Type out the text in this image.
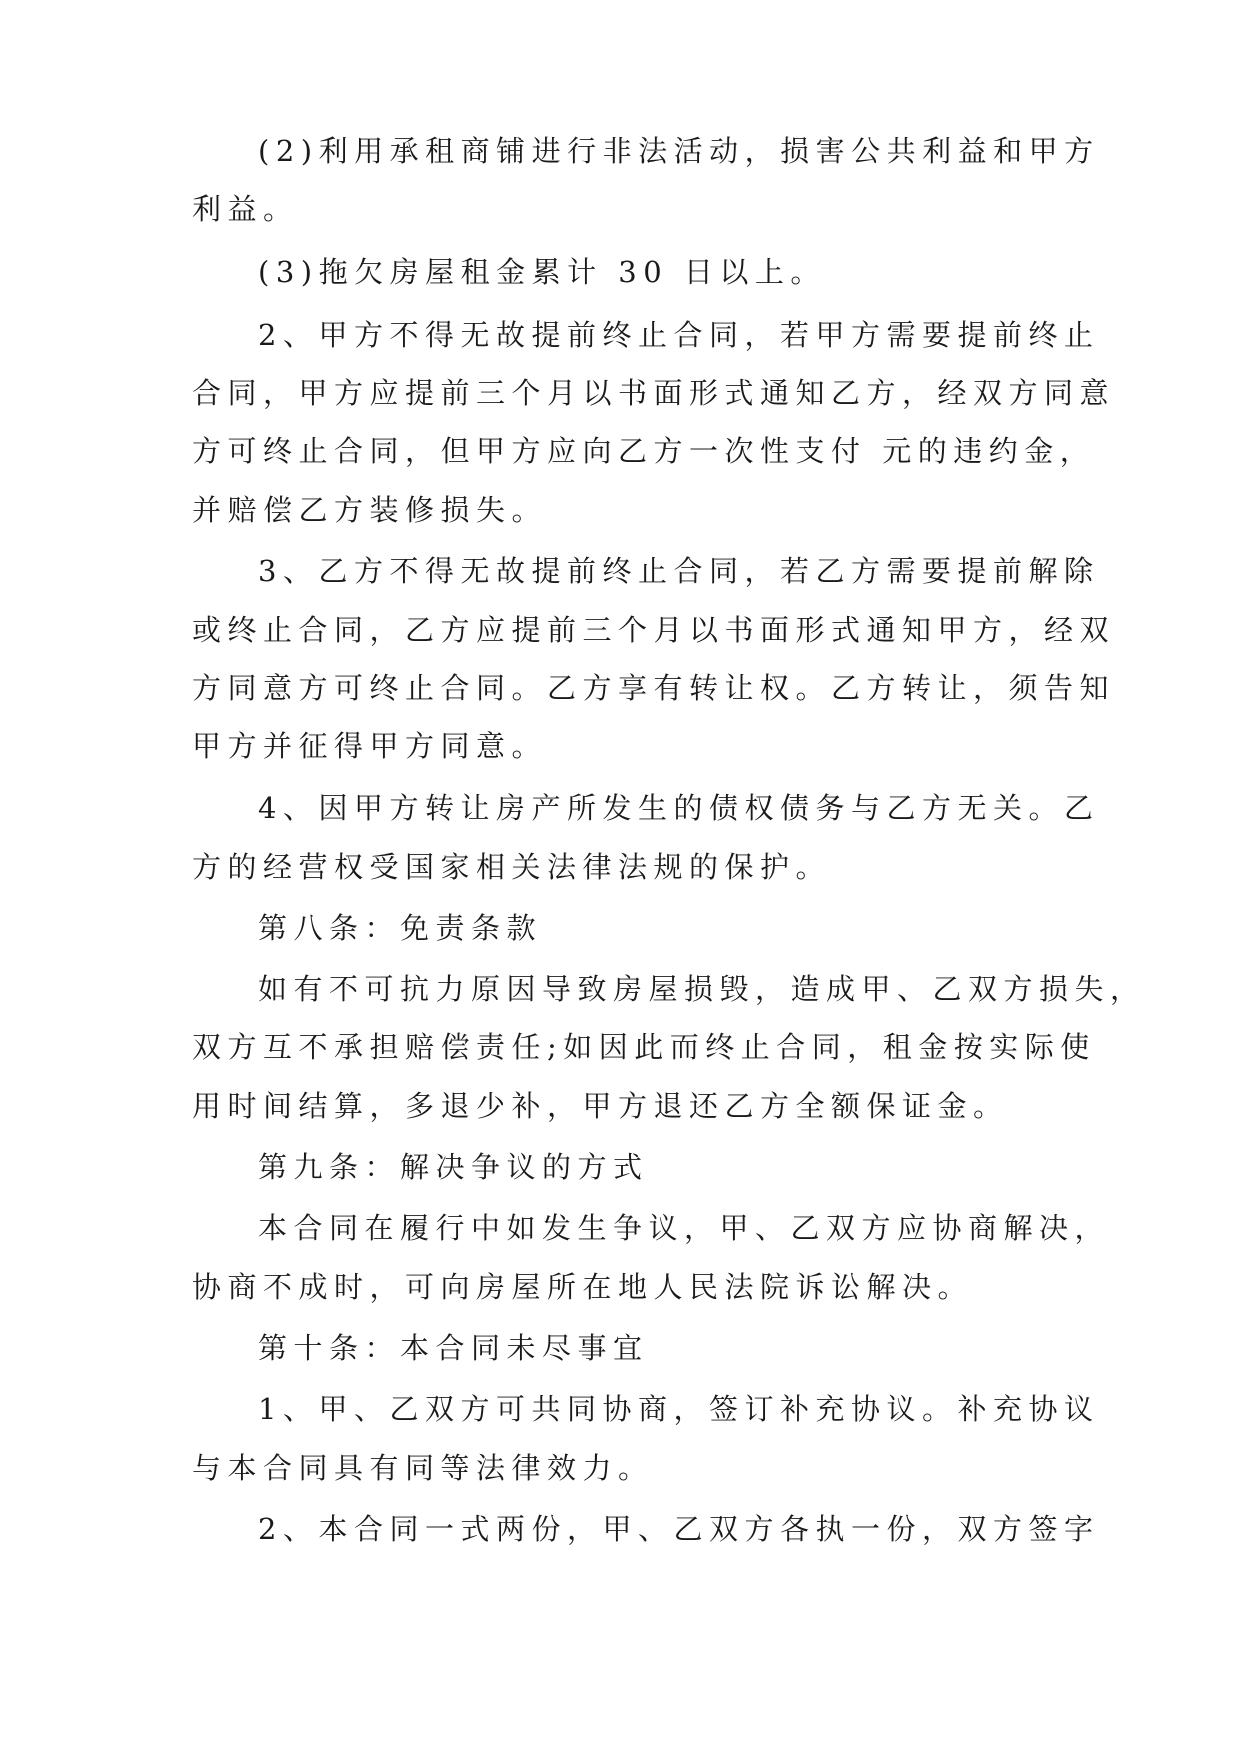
(2)利用承租商铺进行非法活动，损害公共利益和甲方
利益。
(3)拖欠房屋租金累计 30 日以上。
2、甲方不得无故提前终止合同，若甲方需要提前终止
合同，甲方应提前三个月以书面形式通知乙方，经双方同意
方可终止合同，但甲方应向乙方一次性支付 元的违约金，
并赔偿乙方装修损失。
3、乙方不得无故提前终止合同，若乙方需要提前解除
或终止合同，乙方应提前三个月以书面形式通知甲方，经双
方同意方可终止合同。乙方享有转让权。乙方转让，须告知
甲方并征得甲方同意。
4、因甲方转让房产所发生的债权债务与乙方无关。乙
方的经营权受国家相关法律法规的保护。
第八条：免责条款
如有不可抗力原因导致房屋损毁，造成甲、乙双方损失，
双方互不承担赔偿责任;如因此而终止合同，租金按实际使
用时间结算，多退少补，甲方退还乙方全额保证金。
第九条：解决争议的方式
本合同在履行中如发生争议，甲、乙双方应协商解决，
协商不成时，可向房屋所在地人民法院诉讼解决。
第十条：本合同未尽事宜
1、甲、乙双方可共同协商，签订补充协议。补充协议
与本合同具有同等法律效力。
2、本合同一式两份，甲、乙双方各执一份，双方签字
